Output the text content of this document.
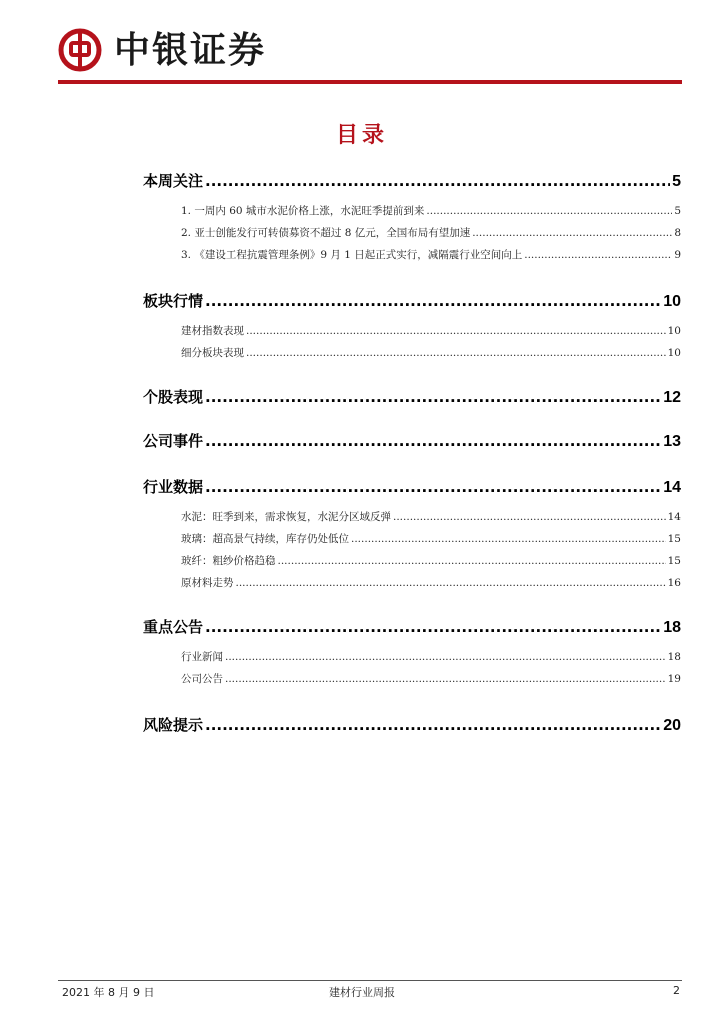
中银证券
目录
本周关注 .....	5
1. 一周内 60 城市水泥价格上涨，水泥旺季提前到来 .....	5
2. 亚士创能发行可转债募资不超过 8 亿元，全国布局有望加速 .....	8
3. 《建设工程抗震管理条例》9 月 1 日起正式实行，减隔震行业空间向上 .....	9
板块行情 .....	10
建材指数表现 .....	10
细分板块表现 .....	10
个股表现 .....	12
公司事件 .....	13
行业数据 .....	14
水泥：旺季到来，需求恢复，水泥分区域反弹 .....	14
玻璃：超高景气持续，库存仍处低位 .....	15
玻纤：粗纱价格趋稳 .....	15
原材料走势 .....	16
重点公告 .....	18
行业新闻 .....	18
公司公告 .....	19
风险提示 .....	20
2021 年 8 月 9 日	建材行业周报	2
